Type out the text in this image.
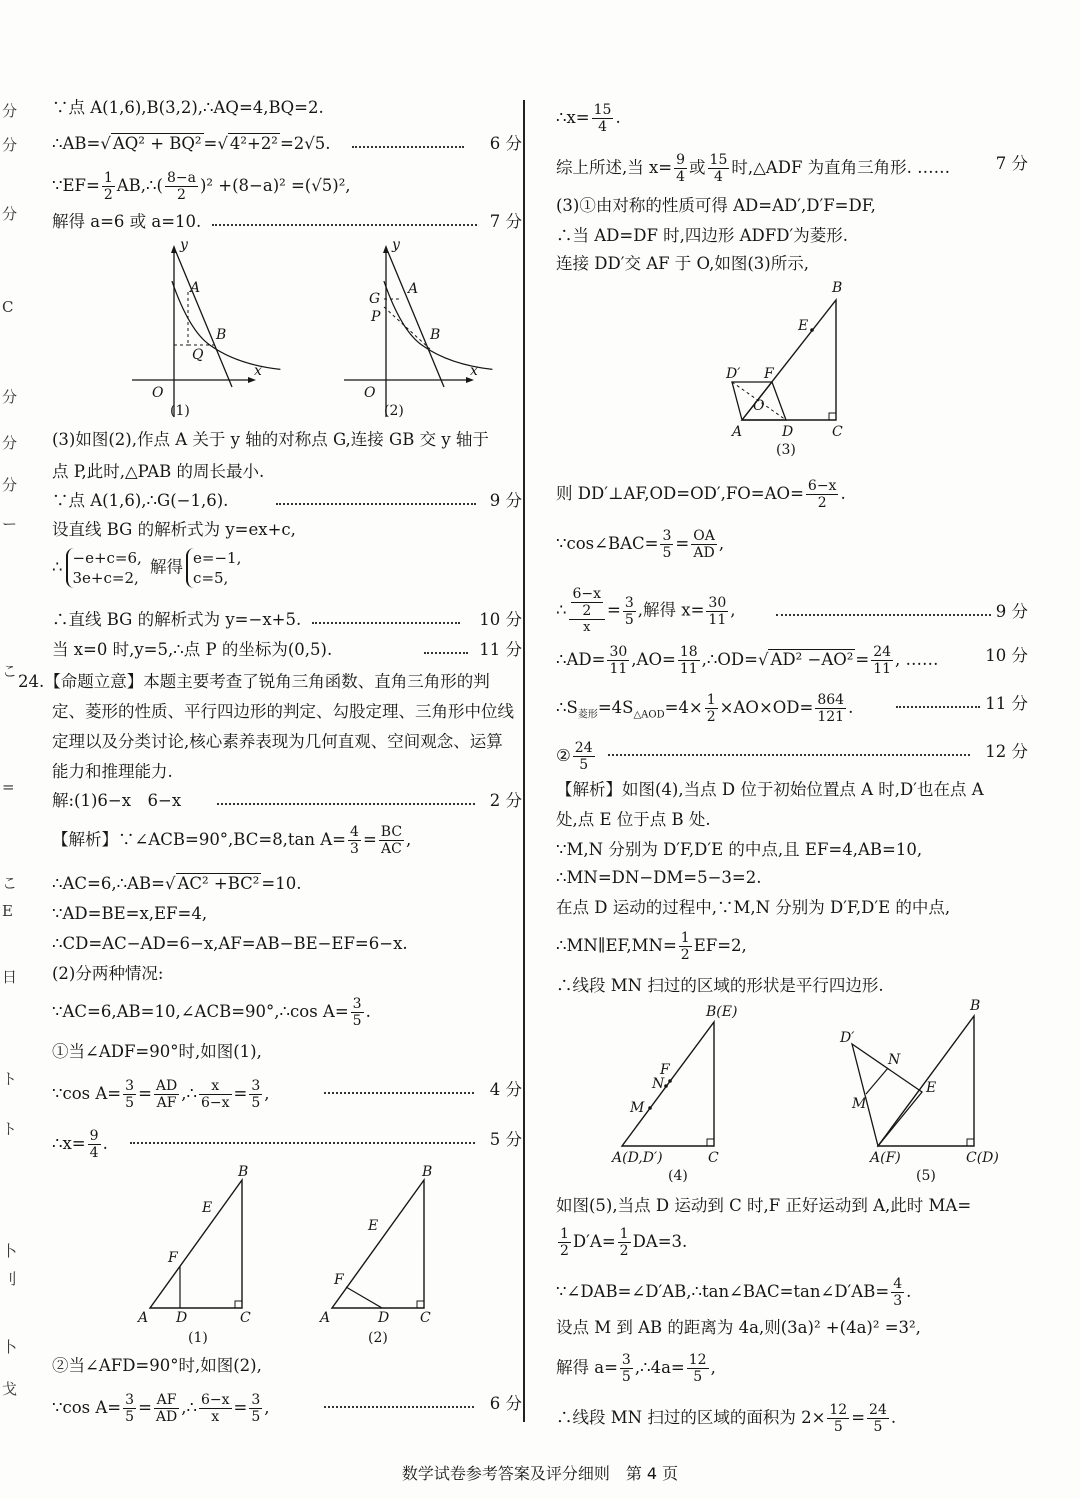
分
分
分
C
分
分
分
ー
こ
=
こ
E
日
ト
ト
卜
刂
卜
戈
∵点 A(1,6),B(3,2),∴AQ=4,BQ=2.
∴AB=√ AQ² + BQ² =√ 4²+2² =2√5.	6 分
∵EF= $\frac{1}{2}$ AB,∴( $\frac{8-a}{2} )^2 +(8-a)^2 =(√5)^2$,
解得 a=6 或 a=10.	7 分
y
x
O
A
B
Q
(1)
y
x
O
G
P
A
B
(2)
(3)如图(2),作点 A 关于 y 轴的对称点 G,连接 GB 交 y 轴于
点 P,此时,△PAB 的周长最小.
∵点 A(1,6),∴G(−1,6).	9 分
设直线 BG 的解析式为 y=ex+c,
∴ −e+c=6,
3e+c=2, 解得 e=−1,
c=5,
∴直线 BG 的解析式为 y=−x+5.	10 分
当 x=0 时,y=5,∴点 P 的坐标为(0,5).	11 分
24.【命题立意】本题主要考查了锐角三角函数、直角三角形的判
定、菱形的性质、平行四边形的判定、勾股定理、三角形中位线
定理以及分类讨论,核心素养表现为几何直观、空间观念、运算
能力和推理能力.
解:(1)6−x　6−x	2 分
【解析】∵∠ACB=90°,BC=8,tan $A= \frac{4}{3} = \frac{BC}{AC}$ ,
∴AC=6,∴AB=√ AC² +BC² =10.
∵AD=BE=x,EF=4,
∴CD=AC−AD=6−x,AF=AB−BE−EF=6−x.
(2)分两种情况:
∵AC=6,AB=10,∠ACB=90°,∴cos $A= \frac{3}{5}$ .
①当∠ADF=90°时,如图(1),
∵cos $A= \frac{3}{5} = \frac{AD}{AF}$ ,∴ $\frac{x}{6-x} = \frac{3}{5}$ ,	4 分
∴x= $\frac{9}{4}$ .	5 分
B
E
F
A D	C
(1)
B
E
F
A	D C
(2)
②当∠AFD=90°时,如图(2),
∵cos $A= \frac{3}{5} = \frac{AF}{AD}$ ,∴ $\frac{6-x}{x} = \frac{3}{5}$ ,	6 分
∴x= $\frac{15}{4}$ .
综上所述,当 $x= \frac{9}{4}$ 或 $\frac{15}{4}$ 时,△ADF 为直角三角形. ……	7 分
(3)①由对称的性质可得 AD=AD′,D′F=DF,
∴当 AD=DF 时,四边形 ADFD′为菱形.
连接 DD′交 AF 于 O,如图(3)所示,
B
E
D′ F
O
A	D	C
(3)
则 DD′⊥AF,OD=OD′,FO=AO= $\frac{6-x}{2}$ .
∵cos∠BAC= $\frac{3}{5} = \frac{OA}{AD}$ ,
∴ $\frac{\frac{6-x}{2}}{x} = \frac{3}{5}$ ,解得 $x= \frac{30}{11}$ ,	9 分
∴AD= $\frac{30}{11} ,AO= \frac{18}{11}$ ,∴OD=√ $AD^2 -AO^2 = \frac{24}{11}$ , ……	10 分
$\therefore S_{菱形}=4S_{\triangle AOD}=4\times \frac{1}{2} \times AO\times OD= \frac{864}{121}$ .	11 分
② $\frac{24}{5}$	12 分
【解析】如图(4),当点 D 位于初始位置点 A 时,D′也在点 A
处,点 E 位于点 B 处.
∵M,N 分别为 D′F,D′E 的中点,且 EF=4,AB=10,
∴MN=DN−DM=5−3=2.
在点 D 运动的过程中,∵M,N 分别为 D′F,D′E 的中点,
∴MN∥EF,MN= $\frac{1}{2} EF=2$,
∴线段 MN 扫过的区域的形状是平行四边形.
B(E)
F
N
M
A(D,D′)	C
(4)
B
E
D′
N
M
A(F)	C(D)
(5)
如图(5),当点 D 运动到 C 时,F 正好运动到 A,此时 MA=
$\frac{1}{2} D'A= \frac{1}{2} DA=3$.
∵∠DAB=∠D′AB,∴tan∠BAC=tan∠D′AB= $\frac{4}{3}$ .
设点 M 到 AB 的距离为 4a,则(3a)² +(4a)² =3²,
解得 $a= \frac{3}{5}$ ,∴4a= $\frac{12}{5}$ ,
∴线段 MN 扫过的区域的面积为 $2\times \frac{12}{5} = \frac{24}{5}$ .
数学试卷参考答案及评分细则　第 4 页
